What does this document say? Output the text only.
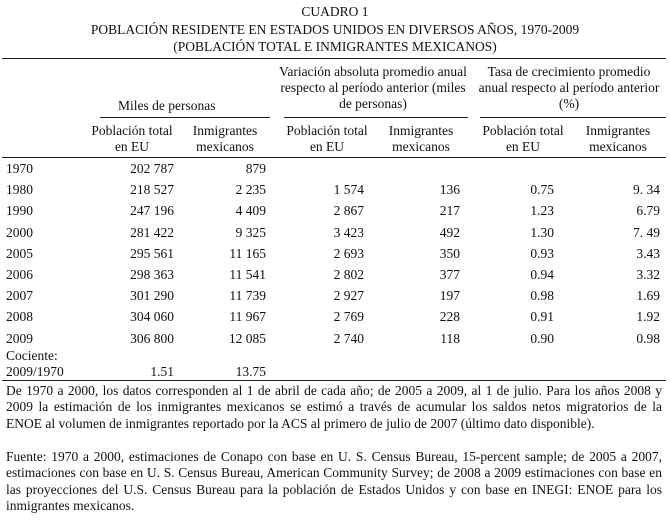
CUADRO 1
POBLACIÓN RESIDENTE EN ESTADOS UNIDOS EN DIVERSOS AÑOS, 1970-2009
(POBLACIÓN TOTAL E INMIGRANTES MEXICANOS)
Miles de personas
Variación absoluta promedio anual respecto al período anterior (miles de personas)
Tasa de crecimiento promedio anual respecto al período anterior (%)
Población total en EU
Inmigrantes mexicanos
Población total en EU
Inmigrantes mexicanos
Población total en EU
Inmigrantes mexicanos
1970	202 787	879
1980	218 527	2 235	1 574	136	0.75	9. 34
1990	247 196	4 409	2 867	217	1.23	6.79
2000	281 422	9 325	3 423	492	1.30	7. 49
2005	295 561	11 165	2 693	350	0.93	3.43
2006	298 363	11 541	2 802	377	0.94	3.32
2007	301 290	11 739	2 927	197	0.98	1.69
2008	304 060	11 967	2 769	228	0.91	1.92
2009	306 800	12 085	2 740	118	0.90	0.98
Cociente:
2009/1970	1.51	13.75
De 1970 a 2000, los datos corresponden al 1 de abril de cada año; de 2005 a 2009, al 1 de julio. Para los años 2008 y 2009 la estimación de los inmigrantes mexicanos se estimó a través de acumular los saldos netos migratorios de la ENOE al volumen de inmigrantes reportado por la ACS al primero de julio de 2007 (último dato disponible).
Fuente: 1970 a 2000, estimaciones de Conapo con base en U. S. Census Bureau, 15-percent sample; de 2005 a 2007, estimaciones con base en U. S. Census Bureau, American Community Survey; de 2008 a 2009 estimaciones con base en las proyecciones del U.S. Census Bureau para la población de Estados Unidos y con base en INEGI: ENOE para los inmigrantes mexicanos.
